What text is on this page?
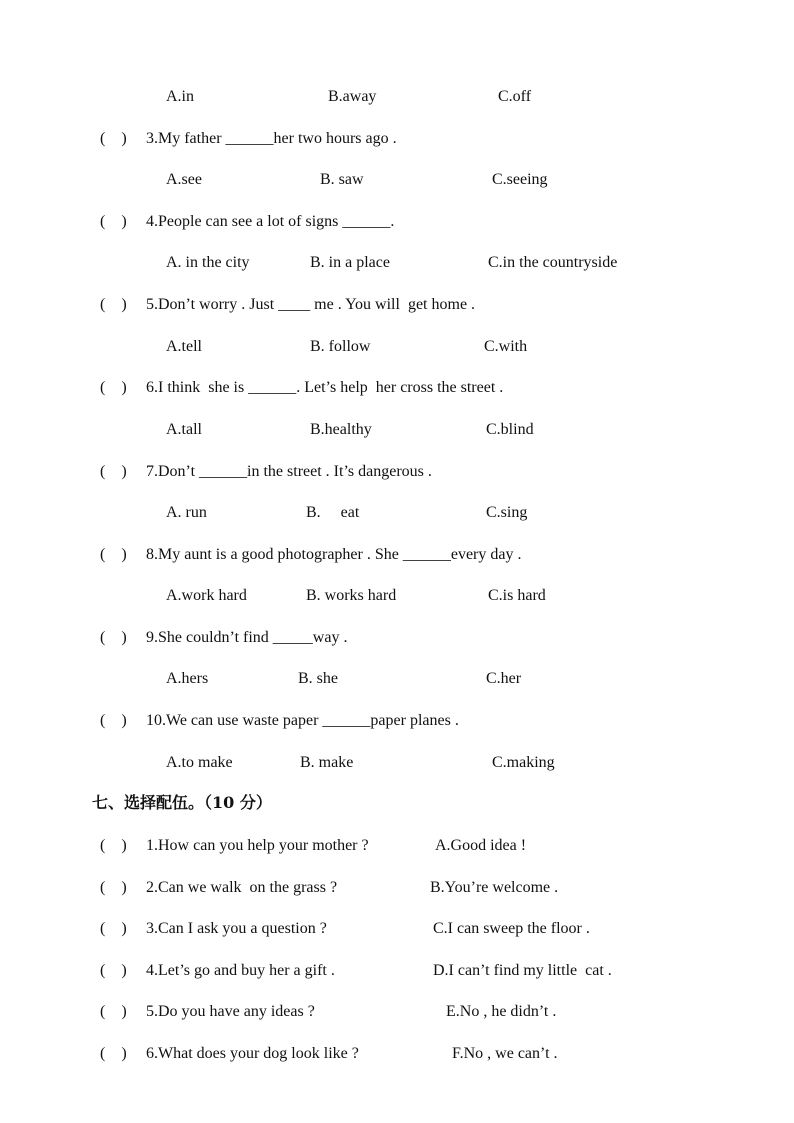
A.in	B.away	C.off
(    ) 3.My father ______her two hours ago .
A.see	B. saw	C.seeing
(    ) 4.People can see a lot of signs ______.
A. in the city	B. in a place	C.in the countryside
(    ) 5.Don’t worry . Just ____ me . You will  get home .
A.tell	B. follow	C.with
(    ) 6.I think  she is ______. Let’s help  her cross the street .
A.tall	B.healthy	C.blind
(    ) 7.Don’t ______in the street . It’s dangerous .
A. run	B.     eat	C.sing
(    ) 8.My aunt is a good photographer . She ______every day .
A.work hard	B. works hard	C.is hard
(    ) 9.She couldn’t find _____way .
A.hers	B. she	C.her
(    ) 10.We can use waste paper ______paper planes .
A.to make	B. make	C.making
七、选择配伍。（10 分）
(    ) 1.How can you help your mother ?	A.Good idea !
(    ) 2.Can we walk  on the grass ?	B.You’re welcome .
(    ) 3.Can I ask you a question ?	C.I can sweep the floor .
(    ) 4.Let’s go and buy her a gift .	D.I can’t find my little  cat .
(    ) 5.Do you have any ideas ?	E.No , he didn’t .
(    ) 6.What does your dog look like ?	F.No , we can’t .
